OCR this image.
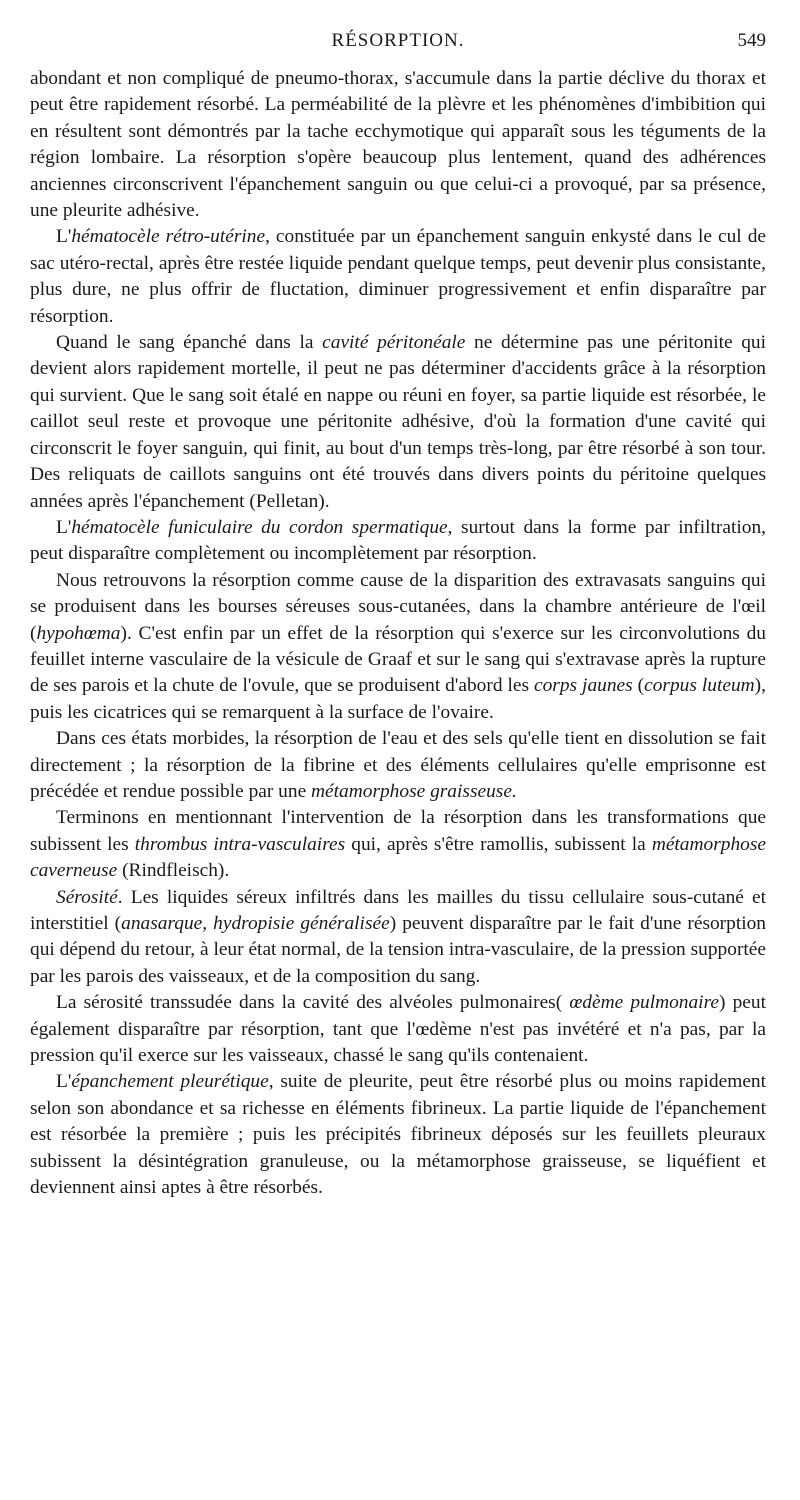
RÉSORPTION.	549

abondant et non compliqué de pneumo-thorax, s'accumule dans la partie déclive du thorax et peut être rapidement résorbé. La perméabilité de la plèvre et les phénomènes d'imbibition qui en résultent sont démontrés par la tache ecchymotique qui apparaît sous les téguments de la région lombaire. La résorption s'opère beaucoup plus lentement, quand des adhérences anciennes circonscrivent l'épanchement sanguin ou que celui-ci a provoqué, par sa présence, une pleurite adhésive.

L'hématocèle rétro-utérine, constituée par un épanchement sanguin enkysté dans le cul de sac utéro-rectal, après être restée liquide pendant quelque temps, peut devenir plus consistante, plus dure, ne plus offrir de fluctation, diminuer progressivement et enfin disparaître par résorption.

Quand le sang épanché dans la cavité péritonéale ne détermine pas une péritonite qui devient alors rapidement mortelle, il peut ne pas déterminer d'accidents grâce à la résorption qui survient. Que le sang soit étalé en nappe ou réuni en foyer, sa partie liquide est résorbée, le caillot seul reste et provoque une péritonite adhésive, d'où la formation d'une cavité qui circonscrit le foyer sanguin, qui finit, au bout d'un temps très-long, par être résorbé à son tour. Des reliquats de caillots sanguins ont été trouvés dans divers points du péritoine quelques années après l'épanchement (Pelletan).

L'hématocèle funiculaire du cordon spermatique, surtout dans la forme par infiltration, peut disparaître complètement ou incomplètement par résorption.

Nous retrouvons la résorption comme cause de la disparition des extravasats sanguins qui se produisent dans les bourses séreuses sous-cutanées, dans la chambre antérieure de l'œil (hypohœma). C'est enfin par un effet de la résorption qui s'exerce sur les circonvolutions du feuillet interne vasculaire de la vésicule de Graaf et sur le sang qui s'extravase après la rupture de ses parois et la chute de l'ovule, que se produisent d'abord les corps jaunes (corpus luteum), puis les cicatrices qui se remarquent à la surface de l'ovaire.

Dans ces états morbides, la résorption de l'eau et des sels qu'elle tient en dissolution se fait directement ; la résorption de la fibrine et des éléments cellulaires qu'elle emprisonne est précédée et rendue possible par une métamorphose graisseuse.

Terminons en mentionnant l'intervention de la résorption dans les transformations que subissent les thrombus intra-vasculaires qui, après s'être ramollis, subissent la métamorphose caverneuse (Rindfleisch).

Sérosité. Les liquides séreux infiltrés dans les mailles du tissu cellulaire sous-cutané et interstitiel (anasarque, hydropisie généralisée) peuvent disparaître par le fait d'une résorption qui dépend du retour, à leur état normal, de la tension intra-vasculaire, de la pression supportée par les parois des vaisseaux, et de la composition du sang.

La sérosité transsudée dans la cavité des alvéoles pulmonaires( œdème pulmonaire) peut également disparaître par résorption, tant que l'œdème n'est pas invétéré et n'a pas, par la pression qu'il exerce sur les vaisseaux, chassé le sang qu'ils contenaient.

L'épanchement pleurétique, suite de pleurite, peut être résorbé plus ou moins rapidement selon son abondance et sa richesse en éléments fibrineux. La partie liquide de l'épanchement est résorbée la première ; puis les précipités fibrineux déposés sur les feuillets pleuraux subissent la désintégration granuleuse, ou la métamorphose graisseuse, se liquéfient et deviennent ainsi aptes à être résorbés.
